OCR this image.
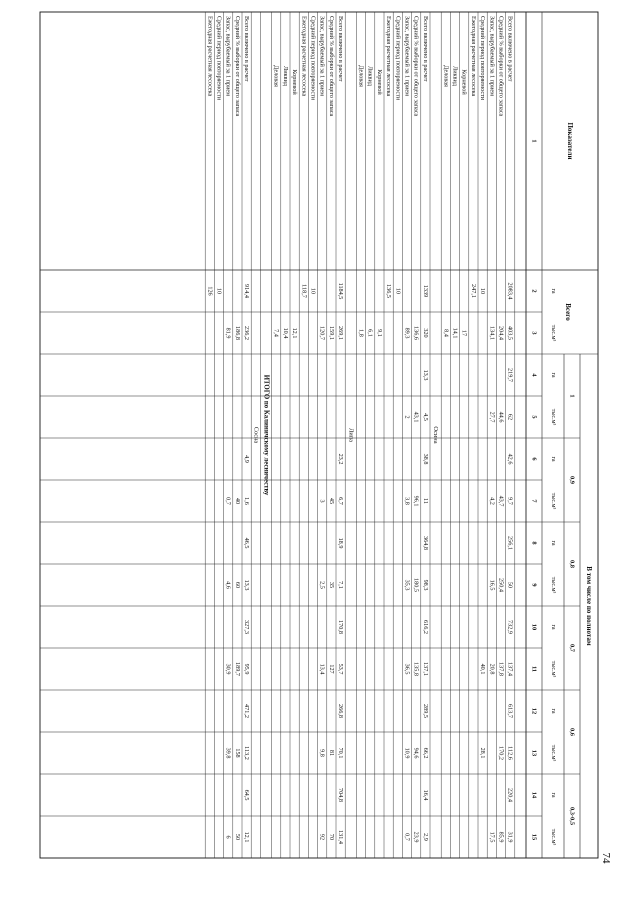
Показатели
Всего
В том числе по полнотам
1
0,9
0,8
0,7
0,6
0,3-0,5
га
тыс.м³
га
тыс.м³
га
тыс.м³
га
тыс.м³
га
тыс.м³
га
тыс.м³
га
тыс.м³
1
2
3
4
5
6
7
8
9
10
11
12
13
14
15
Всего включено в расчет
2083,4
403,5
219,7
62
42,6
9,7
256,1
50
732,9
137,4
613,7
112,6
220,4
31,9
Средний % выборки от общего запаса
204,4
44,6
43,7
250,4
137,8
170,2
85,9
Запас, вырубаемый за 1 прием
134,1
27,7
4,2
16,5
20,8
17,5
Средний период повторяемости
10
40,1
28,1
Ежегодная расчетная лесосека
247,1
Корневой
17
Ликвид
14,1
Деловая
8,4
Осина
Всего включено в расчет
1339
320
13,3
4,5
38,8
11
364,8
98,3
616,2
137,1
289,5
66,2
16,4
2,9
Средний % выборки от общего запаса
136,6
43,1
96,1
180,5
135,8
94,6
23,9
Запас, вырубаемый за 1 прием
89,3
2
3,8
35,3
36,5
10,9
0,7
Средний период повторяемости
10
Ежегодная расчетная лесосека
136,5
Корневой
9,1
Ликвид
6,1
Деловая
1,8
Липа
Всего включено в расчет
1184,5
269,1
23,2
6,7
18,9
7,1
170,8
53,7
266,8
70,1
704,8
131,4
Средний % выборки от общего запаса
159,1
45
35
127
81
70
Запас, вырубаемый за 1 прием
120,7
3
2,5
13,4
9,8
92
Средний период повторяемости
10
Ежегодная расчетная лесосека
118,7
Корневой
12,1
Ликвид
10,4
Деловая
7,4
ИТОГО по Калиничскому лесничеству
Сосна
Всего включено в расчет
914,4
236,2
4,9
1,6
46,5
13,3
327,3
95,9
471,2
113,2
64,5
12,1
Средний % выборки от общего запаса
186,8
40
60
189,7
158
50
Запас, вырубаемый за 1 прием
81,9
0,7
4,6
30,9
39,8
6
Средний период повторяемости
10
Ежегодная расчетная лесосека
126
74
